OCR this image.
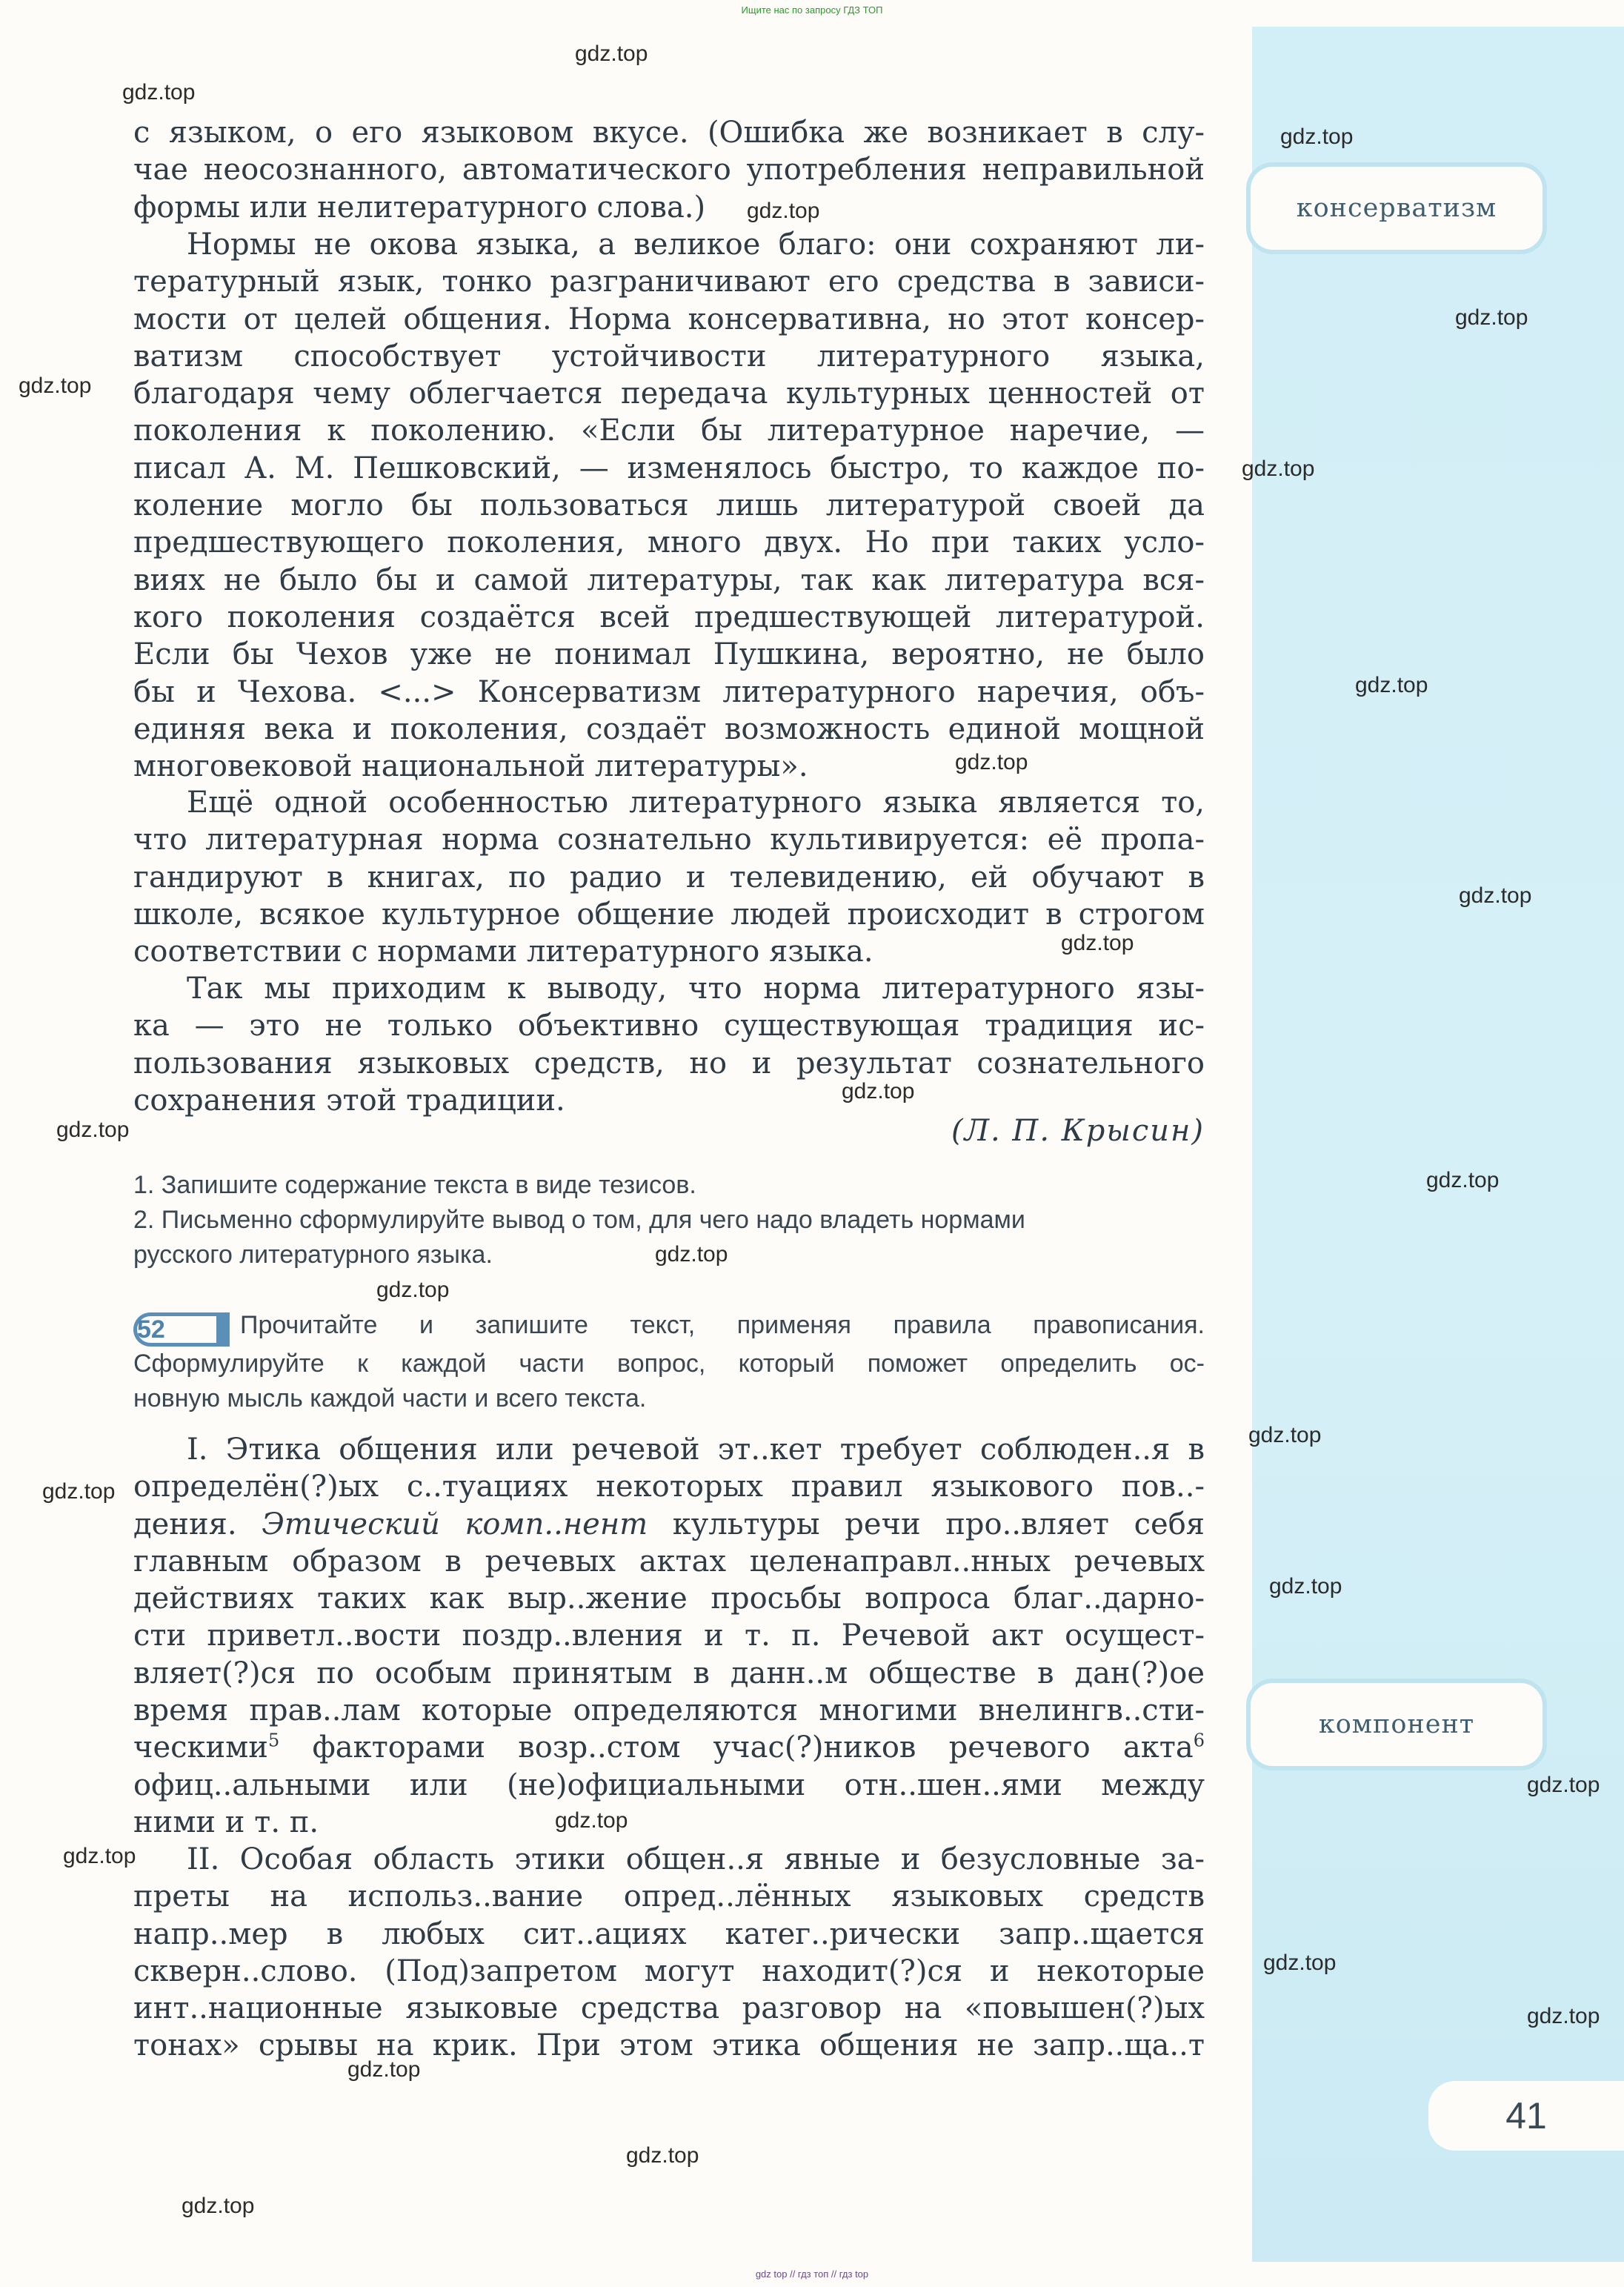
Ищите нас по запросу ГДЗ ТОП
консерватизм
компонент
41

с языком, о его языковом вкусе. (Ошибка же возникает в слу-
чае неосознанного, автоматического употребления неправильной
формы или нелитературного слова.)

Нормы не окова языка, а великое благо: они сохраняют ли-
тературный язык, тонко разграничивают его средства в зависи-
мости от целей общения. Норма консервативна, но этот консер-
ватизм способствует устойчивости литературного языка,
благодаря чему облегчается передача культурных ценностей от
поколения к поколению. «Если бы литературное наречие, —
писал А. М. Пешковский, — изменялось быстро, то каждое по-
коление могло бы пользоваться лишь литературой своей да
предшествующего поколения, много двух. Но при таких усло-
виях не было бы и самой литературы, так как литература вся-
кого поколения создаётся всей предшествующей литературой.
Если бы Чехов уже не понимал Пушкина, вероятно, не было
бы и Чехова. <...> Консерватизм литературного наречия, объ-
единяя века и поколения, создаёт возможность единой мощной
многовековой национальной литературы».

Ещё одной особенностью литературного языка является то,
что литературная норма сознательно культивируется: её пропа-
гандируют в книгах, по радио и телевидению, ей обучают в
школе, всякое культурное общение людей происходит в строгом
соответствии с нормами литературного языка.

Так мы приходим к выводу, что норма литературного язы-
ка — это не только объективно существующая традиция ис-
пользования языковых средств, но и результат сознательного
сохранения этой традиции.

(Л. П. Крысин)
1. Запишите содержание текста в виде тезисов.
2. Письменно сформулируйте вывод о том, для чего надо владеть нормами
русского литературного языка.
52	Прочитайте и запишите текст, применяя правила правописания.
Сформулируйте к каждой части вопрос, который поможет определить ос-
новную мысль каждой части и всего текста.

I. Этика общения или речевой эт..кет требует соблюден..я в
определён(?)ых с..туациях некоторых правил языкового пов..-
дения. Этический комп..нент культуры речи про..вляет себя
главным образом в речевых актах целенаправл..нных речевых
действиях таких как выр..жение просьбы вопроса благ..дарно-
сти приветл..вости поздр..вления и т. п. Речевой акт осущест-
вляет(?)ся по особым принятым в данн..м обществе в дан(?)ое
время прав..лам которые определяются многими внелингв..сти-
ческими$^5$ факторами возр..стом учас(?)ников речевого акта$^6$
офиц..альными или (не)официальными отн..шен..ями между
ними и т. п.

II. Особая область этики общен..я явные и безусловные за-
преты на использ..вание опред..лённых языковых средств
напр..мер в любых сит..ациях катег..рически запр..щается
скверн..слово. (Под)запретом могут находит(?)ся и некоторые
инт..национные языковые средства разговор на «повышен(?)ых
тонах» срывы на крик. При этом этика общения не запр..ща..т

gdz.top
gdz.top
gdz.top
gdz.top
gdz.top
gdz.top
gdz.top
gdz.top
gdz.top
gdz.top
gdz.top
gdz.top
gdz.top
gdz.top
gdz.top
gdz.top
gdz.top
gdz.top
gdz.top
gdz.top
gdz.top
gdz.top
gdz.top
gdz.top
gdz.top
gdz.top
gdz.top
gdz top // гдз топ // гдз top
